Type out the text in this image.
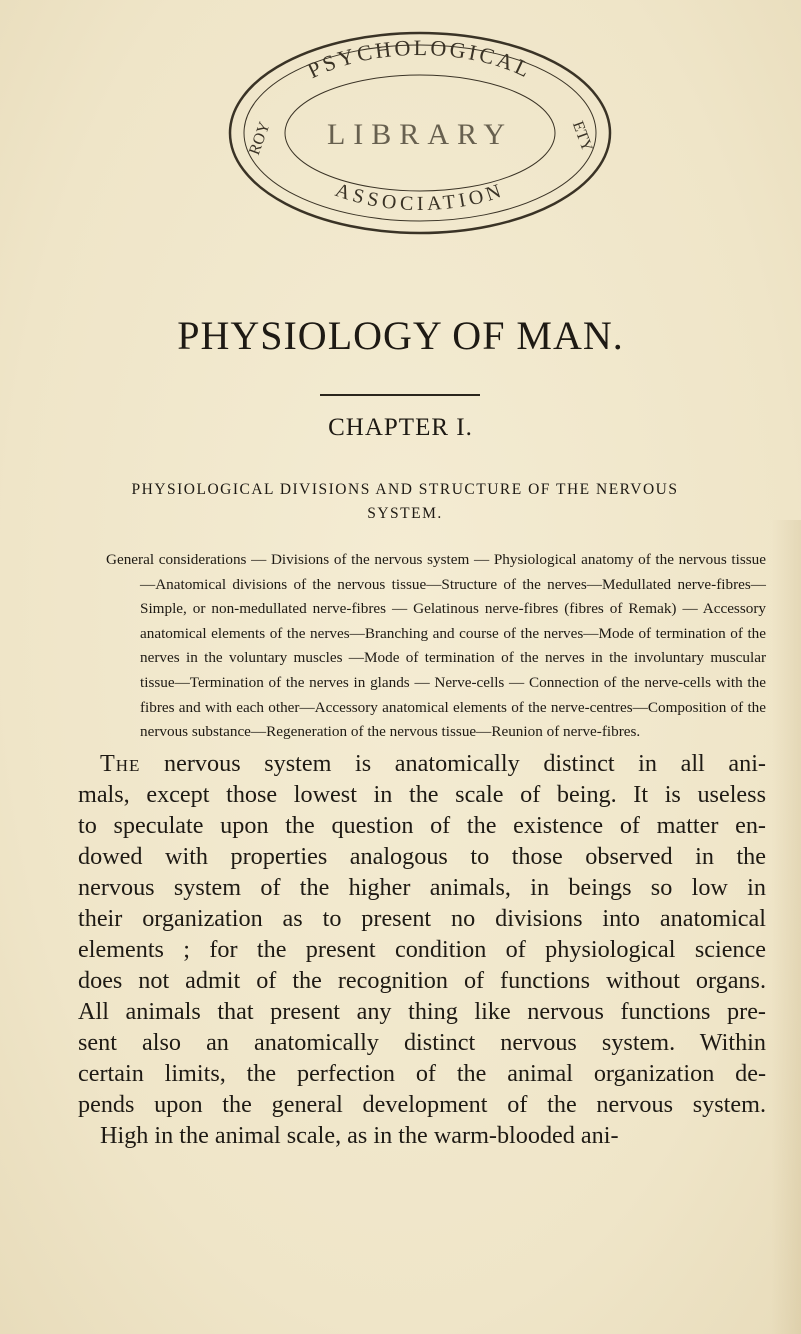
PSYCHOLOGICAL
ASSOCIATION
LIBRARY
ROY	ETY
PHYSIOLOGY OF MAN.
CHAPTER I.
PHYSIOLOGICAL DIVISIONS AND STRUCTURE OF THE NERVOUS
SYSTEM.

General considerations — Divisions of the nervous system — Physiological anatomy of the nervous tissue—Anatomical divisions of the nervous tissue—Structure of the nerves—Medullated nerve-fibres—Simple, or non-medullated nerve-fibres — Gelatinous nerve-fibres (fibres of Remak) — Accessory anatomical elements of the nerves—Branching and course of the nerves—Mode of termination of the nerves in the voluntary muscles —Mode of termination of the nerves in the involuntary muscular tissue—Termination of the nerves in glands — Nerve-cells — Connection of the nerve-cells with the fibres and with each other—Accessory anatomical elements of the nerve-centres—Composition of the nervous substance—Regeneration of the nervous tissue—Reunion of nerve-fibres.

The nervous system is anatomically distinct in all ani-
mals, except those lowest in the scale of being. It is useless
to speculate upon the question of the existence of matter en-
dowed with properties analogous to those observed in the
nervous system of the higher animals, in beings so low in
their organization as to present no divisions into anatomical
elements ; for the present condition of physiological science
does not admit of the recognition of functions without organs.
All animals that present any thing like nervous functions pre-
sent also an anatomically distinct nervous system. Within
certain limits, the perfection of the animal organization de-
pends upon the general development of the nervous system.
High in the animal scale, as in the warm-blooded ani-
